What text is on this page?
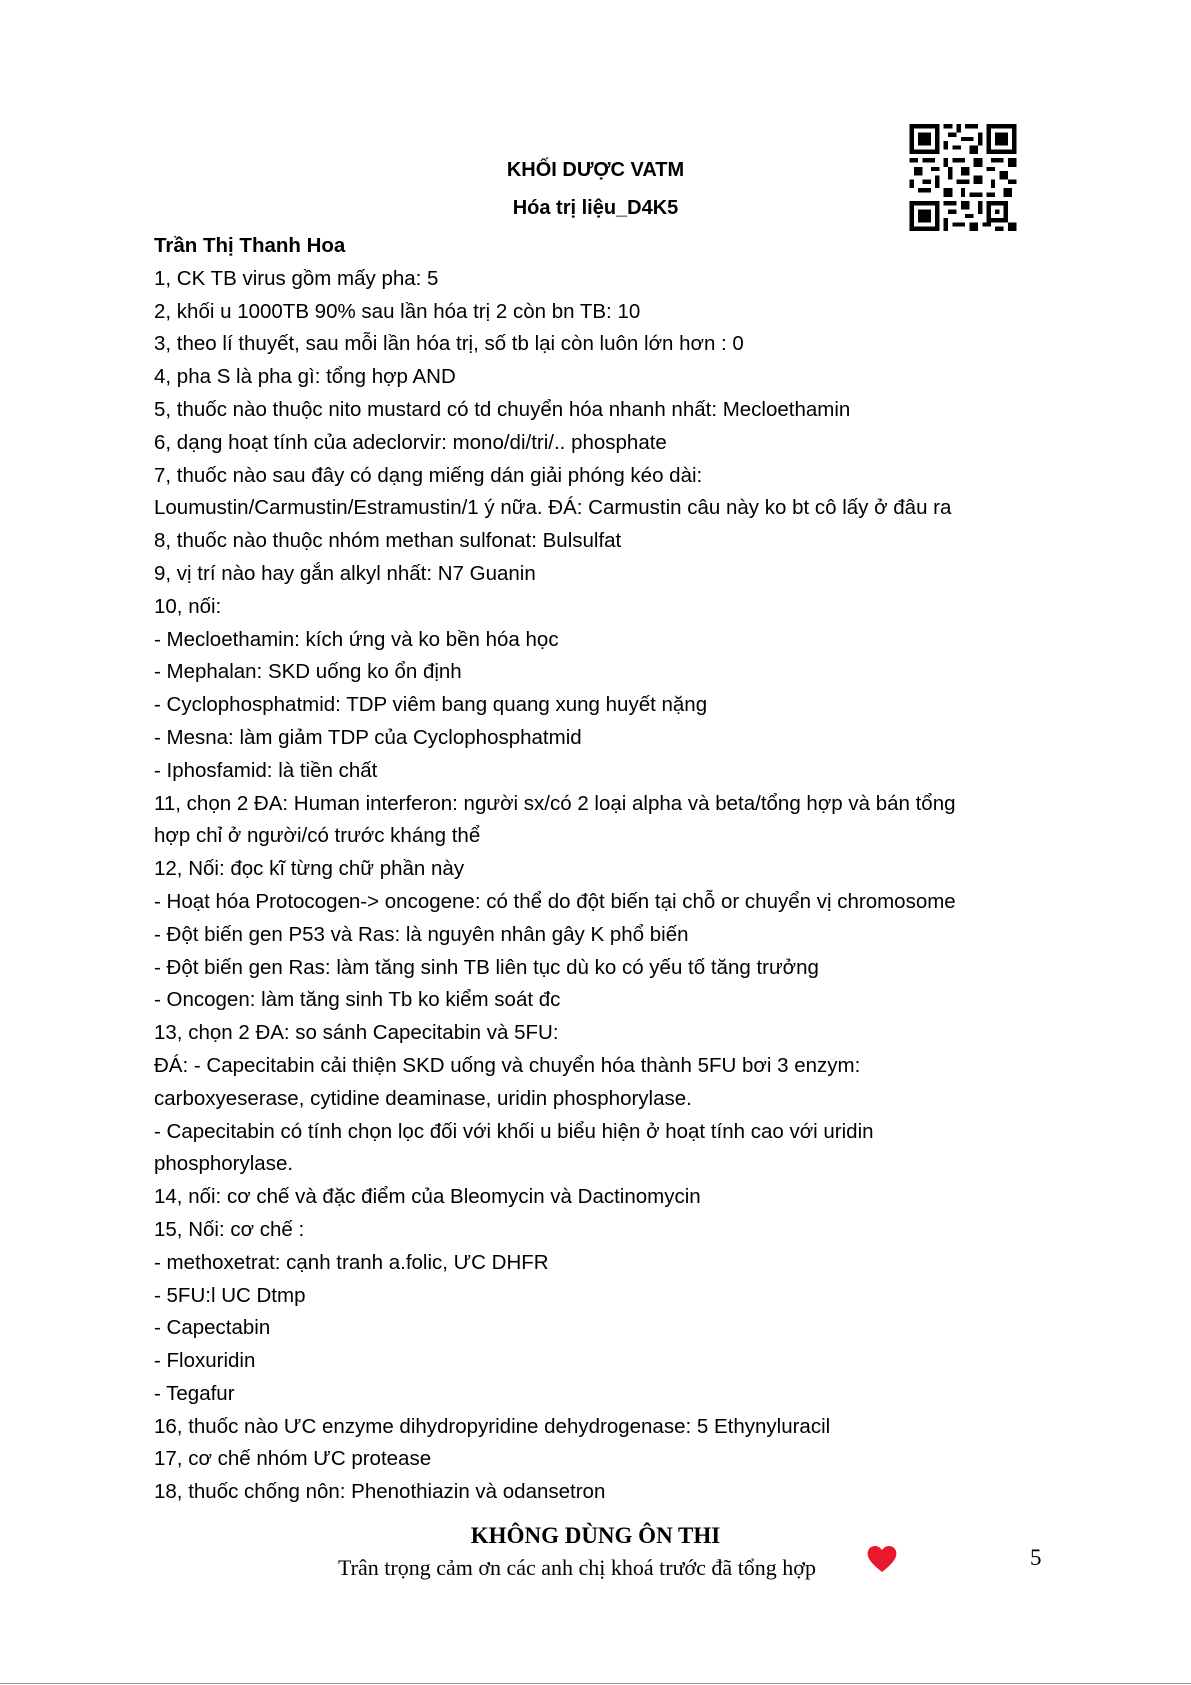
KHỐI DƯỢC VATM
Hóa trị liệu_D4K5
Trần Thị Thanh Hoa
1, CK TB virus gồm mấy pha: 5
2, khối u 1000TB 90% sau lần hóa trị 2 còn bn TB: 10
3, theo lí thuyết, sau mỗi lần hóa trị, số tb lại còn luôn lớn hơn : 0
4, pha S là pha gì: tổng hợp AND
5, thuốc nào thuộc nito mustard có td chuyển hóa nhanh nhất: Mecloethamin
6, dạng hoạt tính của adeclorvir: mono/di/tri/.. phosphate
7, thuốc nào sau đây có dạng miếng dán giải phóng kéo dài:
Loumustin/Carmustin/Estramustin/1 ý nữa. ĐÁ: Carmustin câu này ko bt cô lấy ở đâu ra
8, thuốc nào thuộc nhóm methan sulfonat: Bulsulfat
9, vị trí nào hay gắn alkyl nhất: N7 Guanin
10, nối:
- Mecloethamin: kích ứng và ko bền hóa học
- Mephalan: SKD uống ko ổn định
- Cyclophosphatmid: TDP viêm bang quang xung huyết nặng
- Mesna: làm giảm TDP của Cyclophosphatmid
- Iphosfamid: là tiền chất
11, chọn 2 ĐA: Human interferon: người sx/có 2 loại alpha và beta/tổng hợp và bán tổng
hợp chỉ ở người/có trước kháng thể
12, Nối: đọc kĩ từng chữ phần này
- Hoạt hóa Protocogen-> oncogene: có thể do đột biến tại chỗ or chuyển vị chromosome
- Đột biến gen P53 và Ras: là nguyên nhân gây K phổ biến
- Đột biến gen Ras: làm tăng sinh TB liên tục dù ko có yếu tố tăng trưởng
- Oncogen: làm tăng sinh Tb ko kiểm soát đc
13, chọn 2 ĐA: so sánh Capecitabin và 5FU:
ĐÁ: - Capecitabin cải thiện SKD uống và chuyển hóa thành 5FU bơi 3 enzym:
carboxyeserase, cytidine deaminase, uridin phosphorylase.
- Capecitabin có tính chọn lọc đối với khối u biểu hiện ở hoạt tính cao với uridin
phosphorylase.
14, nối: cơ chế và đặc điểm của Bleomycin và Dactinomycin
15, Nối: cơ chế :
- methoxetrat: cạnh tranh a.folic, ƯC DHFR
- 5FU:l UC Dtmp
- Capectabin
- Floxuridin
- Tegafur
16, thuốc nào ƯC enzyme dihydropyridine dehydrogenase: 5 Ethynyluracil
17, cơ chế nhóm ƯC protease
18, thuốc chống nôn: Phenothiazin và odansetron
KHÔNG DÙNG ÔN THI
Trân trọng cảm ơn các anh chị khoá trước đã tổng hợp	5
